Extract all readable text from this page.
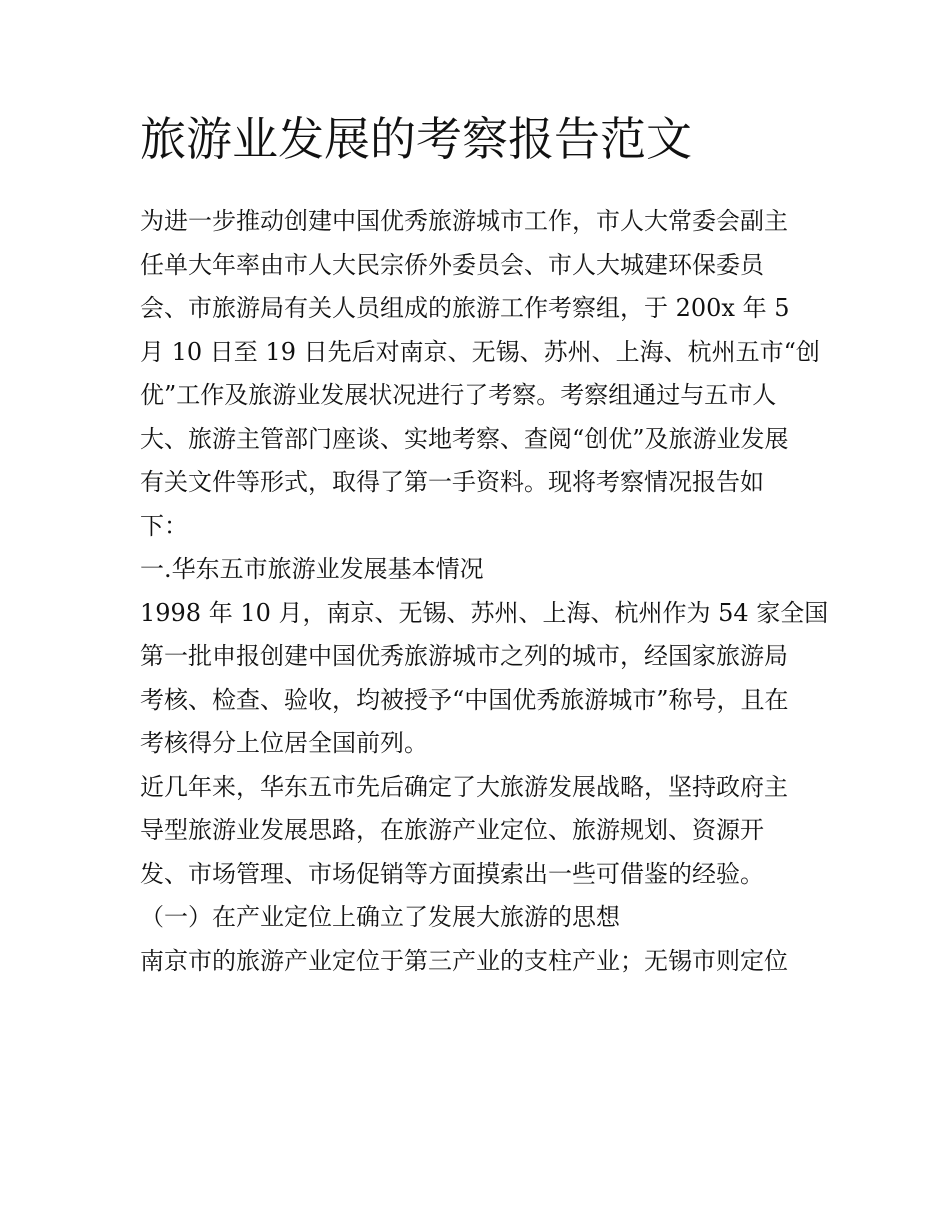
旅游业发展的考察报告范文

为进一步推动创建中国优秀旅游城市工作，市人大常委会副主
任单大年率由市人大民宗侨外委员会、市人大城建环保委员
会、市旅游局有关人员组成的旅游工作考察组，于 200x 年 5
月 10 日至 19 日先后对南京、无锡、苏州、上海、杭州五市“创
优”工作及旅游业发展状况进行了考察。考察组通过与五市人
大、旅游主管部门座谈、实地考察、查阅“创优”及旅游业发展
有关文件等形式，取得了第一手资料。现将考察情况报告如
下：

一.华东五市旅游业发展基本情况

1998 年 10 月，南京、无锡、苏州、上海、杭州作为 54 家全国
第一批申报创建中国优秀旅游城市之列的城市，经国家旅游局
考核、检查、验收，均被授予“中国优秀旅游城市”称号，且在
考核得分上位居全国前列。

近几年来，华东五市先后确定了大旅游发展战略，坚持政府主
导型旅游业发展思路，在旅游产业定位、旅游规划、资源开
发、市场管理、市场促销等方面摸索出一些可借鉴的经验。

（一）在产业定位上确立了发展大旅游的思想

南京市的旅游产业定位于第三产业的支柱产业；无锡市则定位
